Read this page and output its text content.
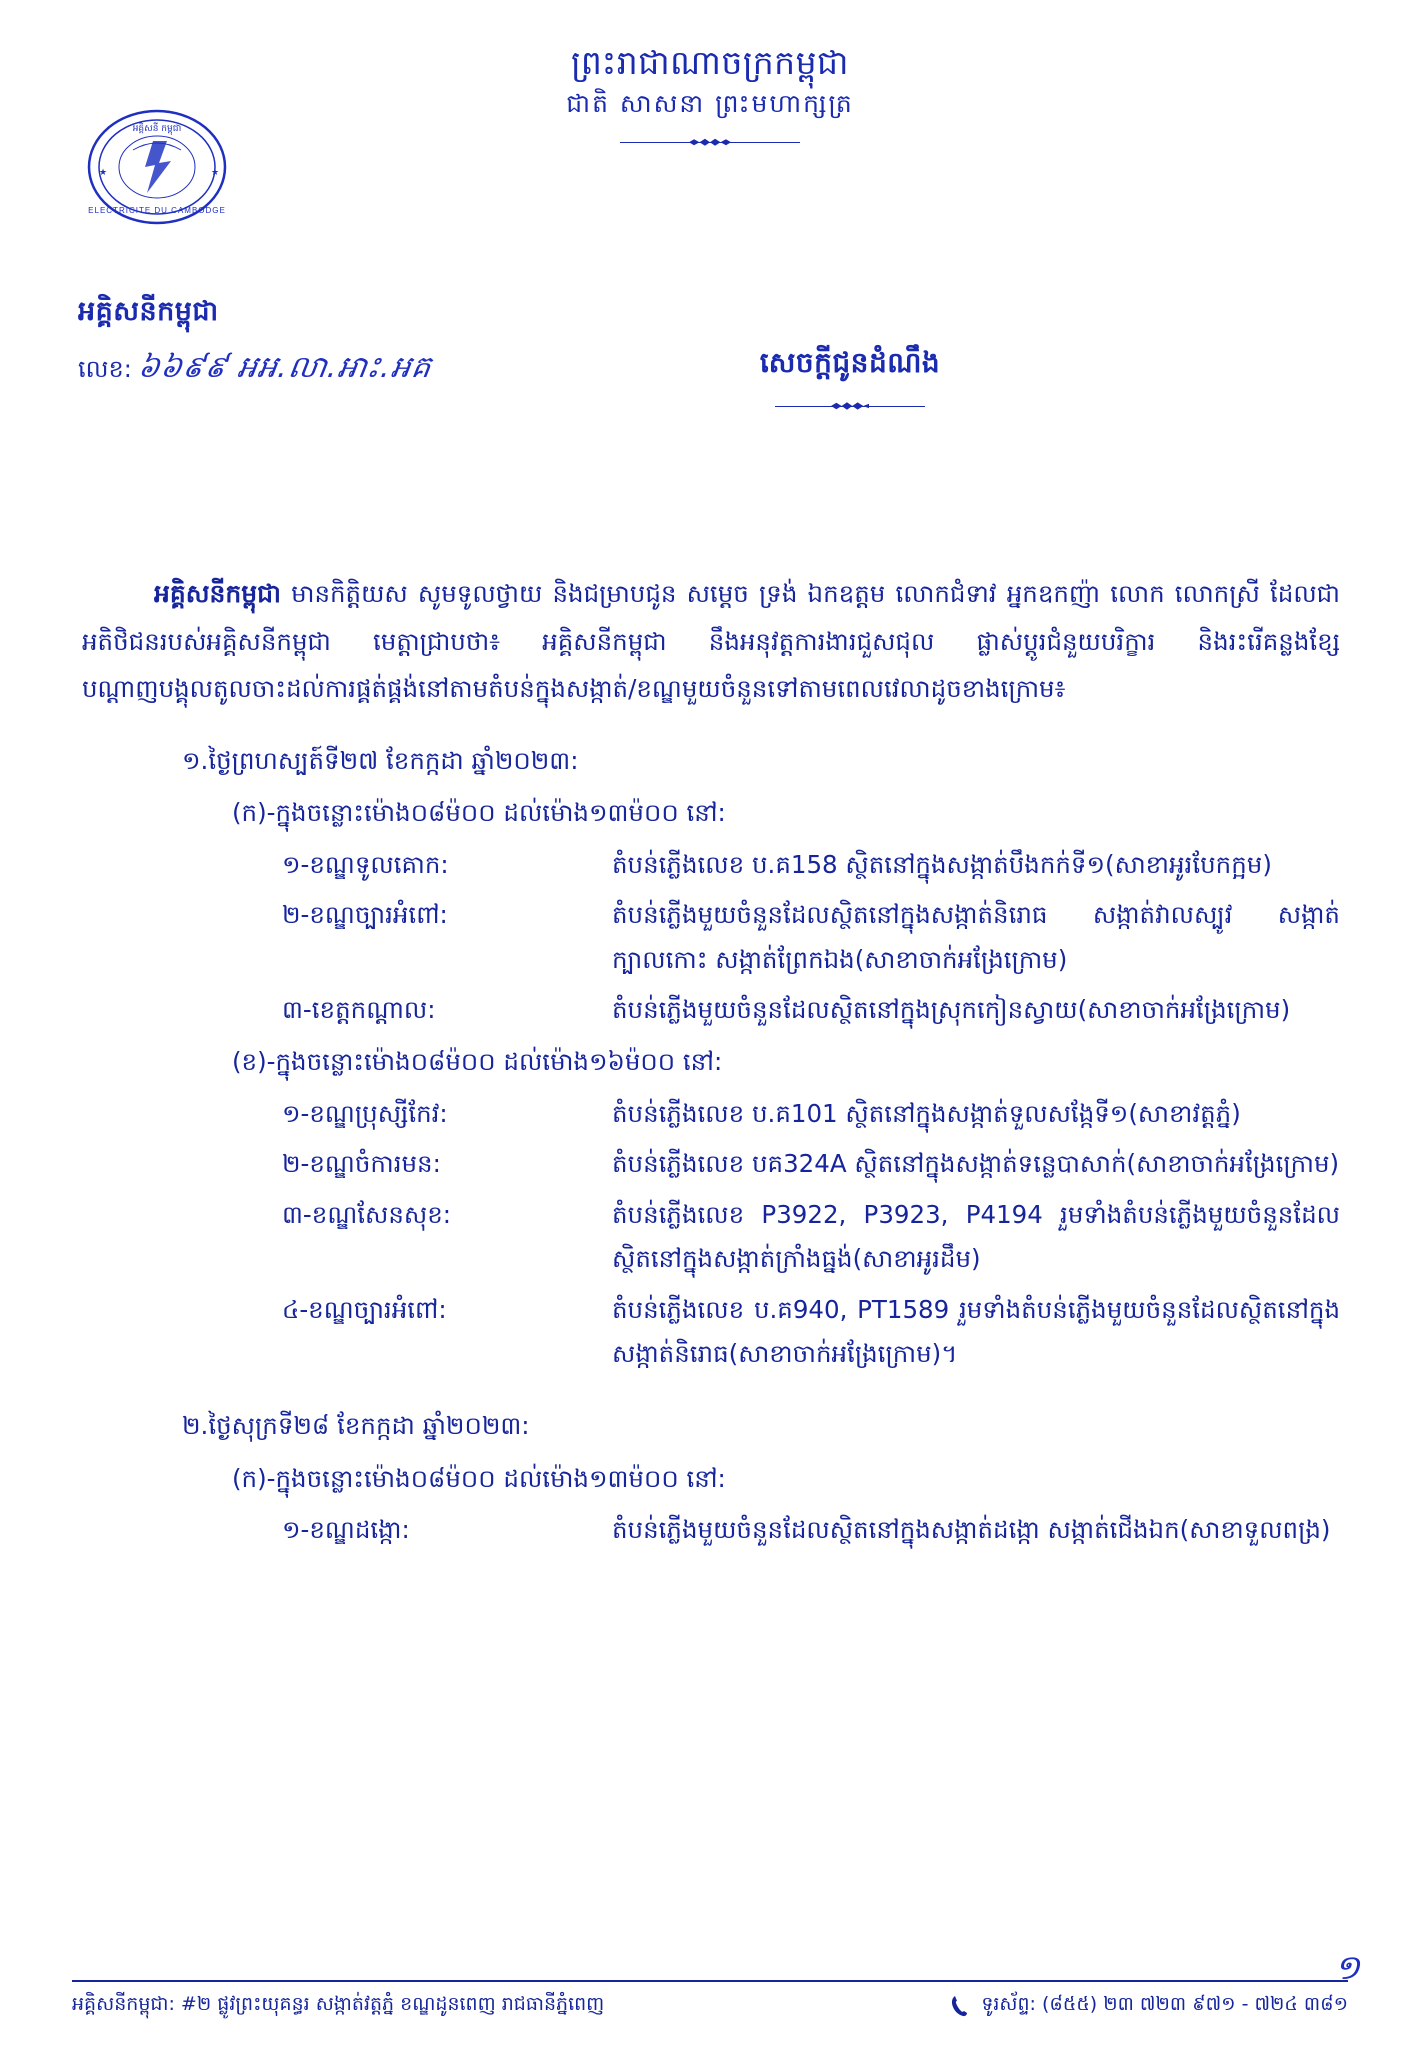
ព្រះរាជាណាចក្រកម្ពុជា
ជាតិ សាសនា ព្រះមហាក្សត្រ
អគ្គិសនី កម្ពុជា
ELECTRICITE DU CAMBODGE
★	★
អគ្គិសនីកម្ពុជា
លេខ: ៦៦៩៩ អអ.លា.អាះ.អគ	សេចក្តីជូនដំណឹង

អគ្គិសនីកម្ពុជា មានកិត្តិយស សូមទូលថ្វាយ និងជម្រាបជូន សម្តេច ទ្រង់ ឯកឧត្តម លោកជំទាវ អ្នកឧកញ៉ា លោក លោកស្រី ដែលជាអតិថិជនរបស់អគ្គិសនីកម្ពុជា មេត្តាជ្រាបថា៖ អគ្គិសនីកម្ពុជា នឹងអនុវត្តការងារជួសជុល ផ្លាស់ប្តូរជំនួយបរិក្ខារ និងរះរើគន្លងខ្សែបណ្តាញបង្គុលតូលចាះដល់ការផ្គត់ផ្គង់នៅតាមតំបន់ក្នុងសង្កាត់/ខណ្ឌមួយចំនួនទៅតាមពេលវេលាដូចខាងក្រោម៖

១.ថ្ងៃព្រហស្បត៍ទី២៧ ខែកក្កដា ឆ្នាំ២០២៣:
(ក)-ក្នុងចន្លោះម៉ោង០៨ម៉០០ ដល់ម៉ោង១៣ម៉០០ នៅ:
១-ខណ្ឌទូលគោក:	តំបន់ភ្លើងលេខ ប.គ158 ស្ថិតនៅក្នុងសង្កាត់បឹងកក់ទី១(សាខាអូរបែកក្អម)
២-ខណ្ឌច្បារអំពៅ:	តំបន់ភ្លើងមួយចំនួនដែលស្ថិតនៅក្នុងសង្កាត់និរោធ សង្កាត់វាលស្បូវ សង្កាត់ក្បាលកោះ សង្កាត់ព្រែកឯង(សាខាចាក់អង្រែក្រោម)
៣-ខេត្តកណ្តាល:	តំបន់ភ្លើងមួយចំនួនដែលស្ថិតនៅក្នុងស្រុកកៀនស្វាយ(សាខាចាក់អង្រែក្រោម)
(ខ)-ក្នុងចន្លោះម៉ោង០៨ម៉០០ ដល់ម៉ោង១៦ម៉០០ នៅ:
១-ខណ្ឌប្រុស្សីកែវ:	តំបន់ភ្លើងលេខ ប.គ101 ស្ថិតនៅក្នុងសង្កាត់ទួលសង្កែទី១(សាខាវត្តភ្នំ)
២-ខណ្ឌចំការមន:	តំបន់ភ្លើងលេខ បគ324A ស្ថិតនៅក្នុងសង្កាត់ទន្លេបាសាក់(សាខាចាក់អង្រែក្រោម)
៣-ខណ្ឌសែនសុខ:	តំបន់ភ្លើងលេខ P3922, P3923, P4194 រួមទាំងតំបន់ភ្លើងមួយចំនួនដែលស្ថិតនៅក្នុងសង្កាត់ក្រាំងធ្នង់(សាខាអូរដឹម)
៤-ខណ្ឌច្បារអំពៅ:	តំបន់ភ្លើងលេខ ប.គ940, PT1589 រួមទាំងតំបន់ភ្លើងមួយចំនួនដែលស្ថិតនៅក្នុងសង្កាត់និរោធ(សាខាចាក់អង្រែក្រោម)។
២.ថ្ងៃសុក្រទី២៨ ខែកក្កដា ឆ្នាំ២០២៣:
(ក)-ក្នុងចន្លោះម៉ោង០៨ម៉០០ ដល់ម៉ោង១៣ម៉០០ នៅ:
១-ខណ្ឌដង្កោ:	តំបន់ភ្លើងមួយចំនួនដែលស្ថិតនៅក្នុងសង្កាត់ដង្កោ សង្កាត់ជើងឯក(សាខាទួលពង្រ)
អគ្គិសនីកម្ពុជា: #២ ផ្លូវព្រះយុគន្ធរ សង្កាត់វត្តភ្នំ ខណ្ឌដូនពេញ រាជធានីភ្នំពេញ	ទូរស័ព្ទ: (៨៥៥) ២៣ ៧២៣ ៩៧១ - ៧២៤ ៣៨១
១
